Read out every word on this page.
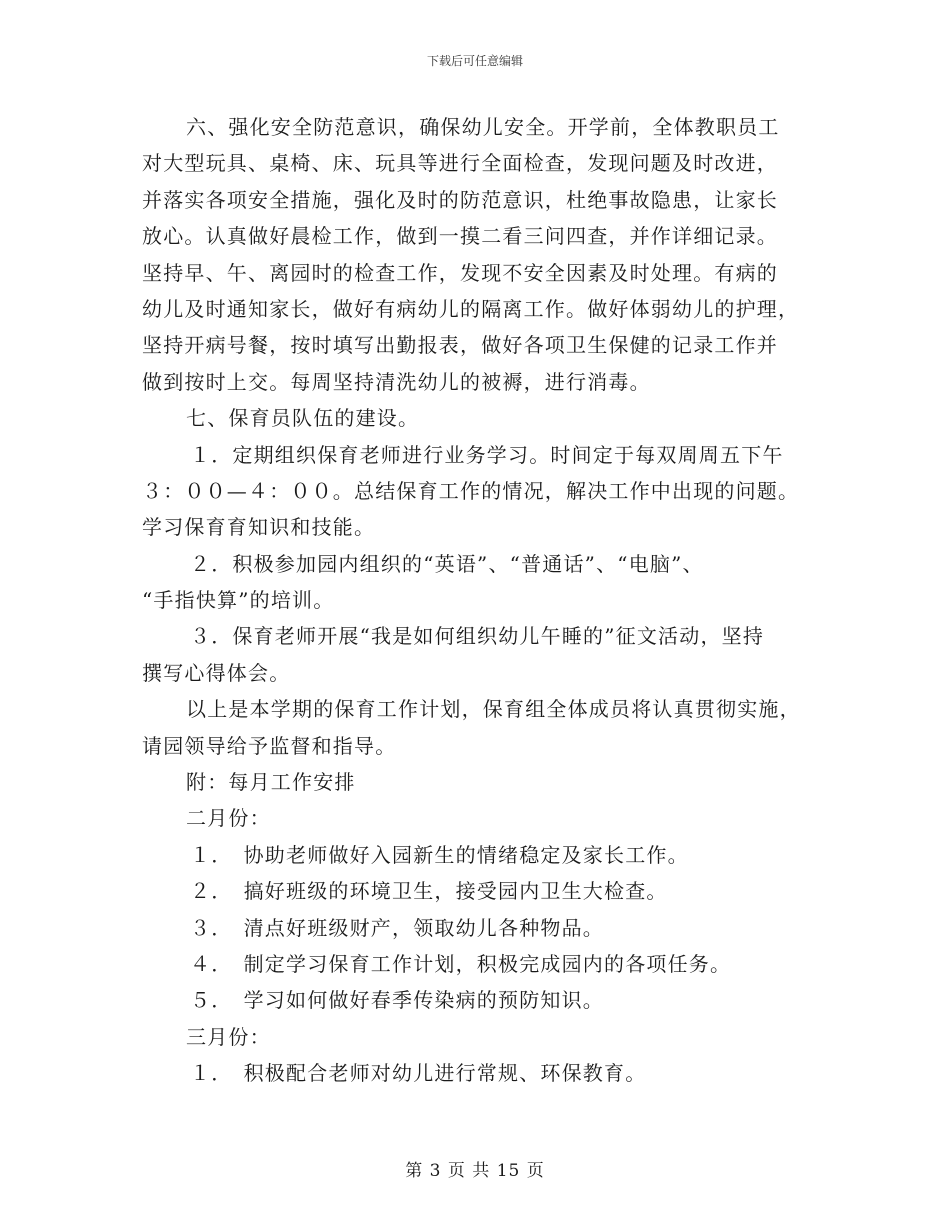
下载后可任意编辑
六、强化安全防范意识，确保幼儿安全。开学前，全体教职员工
对大型玩具、桌椅、床、玩具等进行全面检查，发现问题及时改进，
并落实各项安全措施，强化及时的防范意识，杜绝事故隐患，让家长
放心。认真做好晨检工作，做到一摸二看三问四查，并作详细记录。
坚持早、午、离园时的检查工作，发现不安全因素及时处理。有病的
幼儿及时通知家长，做好有病幼儿的隔离工作。做好体弱幼儿的护理，
坚持开病号餐，按时填写出勤报表，做好各项卫生保健的记录工作并
做到按时上交。每周坚持清洗幼儿的被褥，进行消毒。
七、保育员队伍的建设。
１．定期组织保育老师进行业务学习。时间定于每双周周五下午
３：００—４：００。总结保育工作的情况，解决工作中出现的问题。
学习保育育知识和技能。
２．积极参加园内组织的“英语”、“普通话”、“电脑”、
“手指快算”的培训。
３．保育老师开展“我是如何组织幼儿午睡的”征文活动，坚持
撰写心得体会。
以上是本学期的保育工作计划，保育组全体成员将认真贯彻实施，
请园领导给予监督和指导。
附：每月工作安排
二月份：
１．　协助老师做好入园新生的情绪稳定及家长工作。
２．　搞好班级的环境卫生，接受园内卫生大检查。
３．　清点好班级财产，领取幼儿各种物品。
４．　制定学习保育工作计划，积极完成园内的各项任务。
５．　学习如何做好春季传染病的预防知识。
三月份：
１．　积极配合老师对幼儿进行常规、环保教育。
第 3 页 共 15 页
